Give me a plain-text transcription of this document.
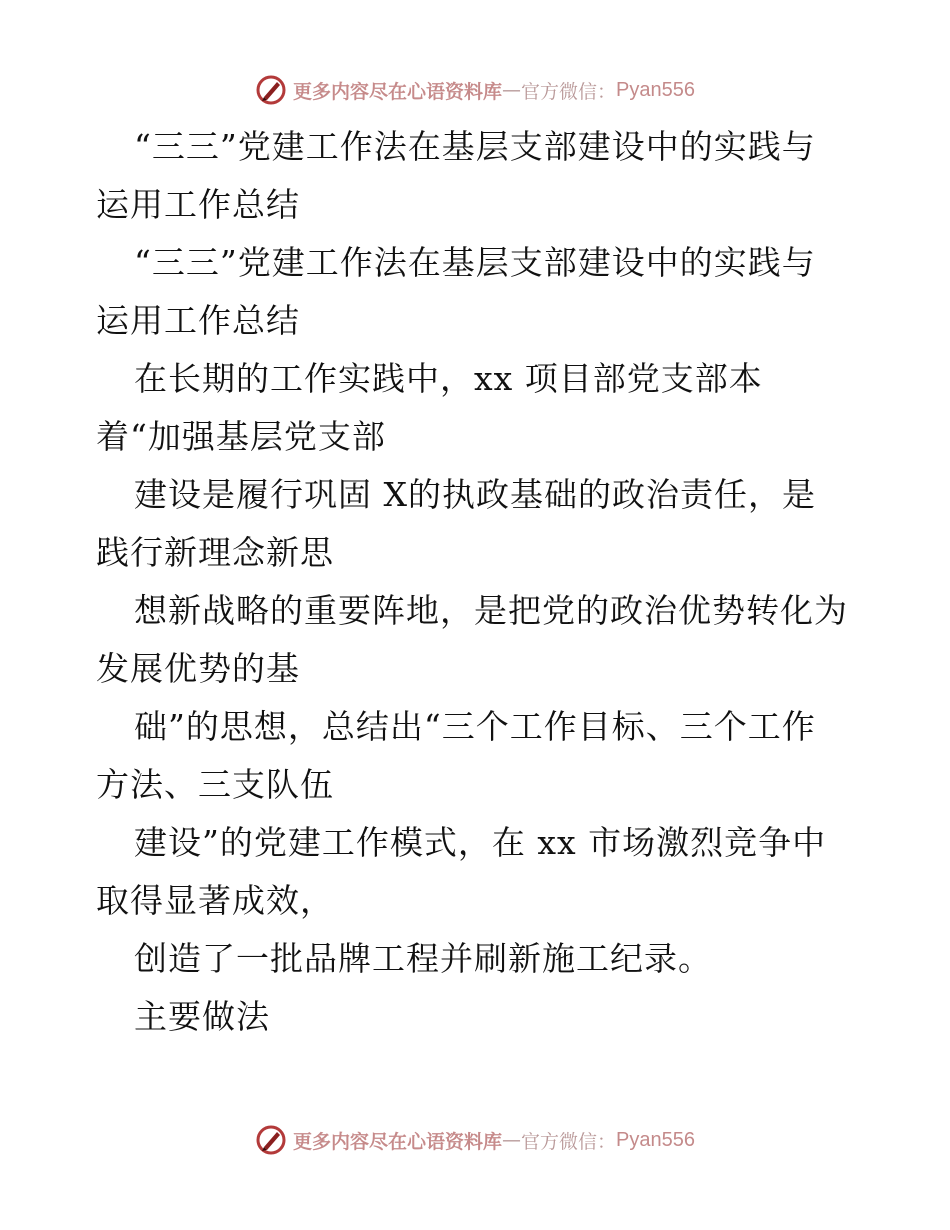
更多内容尽在心语资料库 — 官方微信： Pyan556
“三三”党建工作法在基层支部建设中的实践与
运用工作总结
“三三”党建工作法在基层支部建设中的实践与
运用工作总结
在长期的工作实践中，xx 项目部党支部本
着“加强基层党支部
建设是履行巩固 X的执政基础的政治责任，是
践行新理念新思
想新战略的重要阵地，是把党的政治优势转化为
发展优势的基
础”的思想，总结出“三个工作目标、三个工作
方法、三支队伍
建设”的党建工作模式，在 xx 市场激烈竞争中
取得显著成效，
创造了一批品牌工程并刷新施工纪录。
主要做法
更多内容尽在心语资料库 — 官方微信： Pyan556
